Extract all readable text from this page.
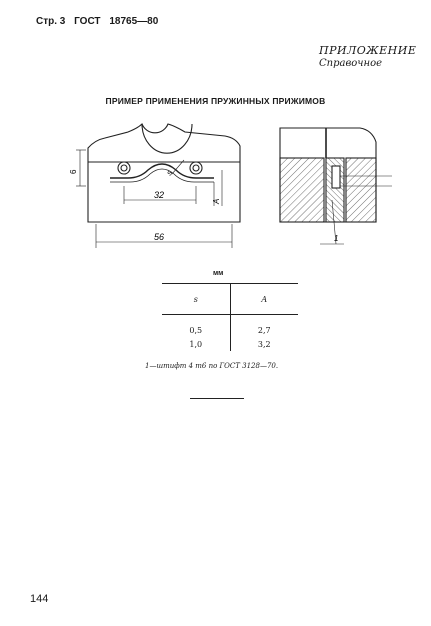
Стр. 3 ГОСТ 18765—80
ПРИЛОЖЕНИЕ
Справочное
ПРИМЕР ПРИМЕНЕНИЯ ПРУЖИННЫХ ПРИЖИМОВ
s
6
32
A
56	1
мм
s	A
0,5	2,7
1,0	3,2
1—штифт 4 m6 по ГОСТ 3128—70.
144
